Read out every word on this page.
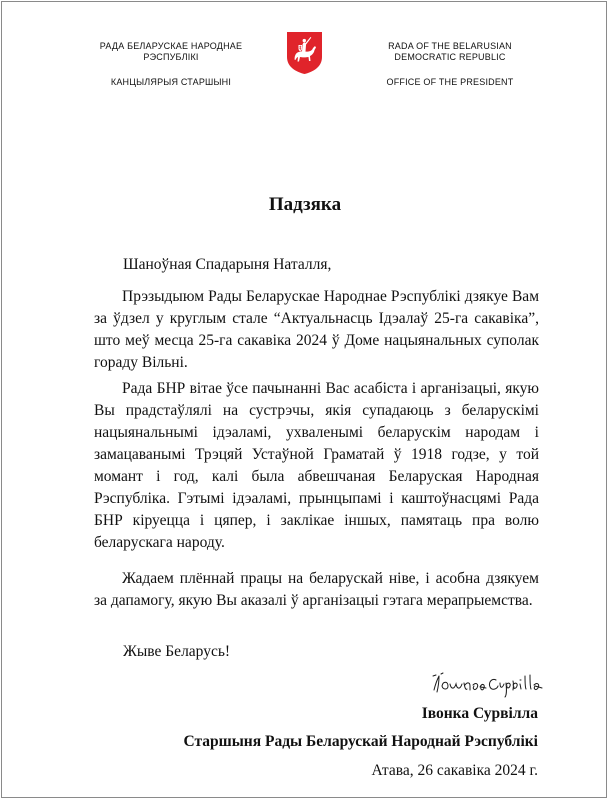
РАДА БЕЛАРУСКАЕ НАРОДНАЕ
РЭСПУБЛІКІ
КАНЦЫЛЯРЫЯ СТАРШЫНІ
RADA OF THE BELARUSIAN
DEMOCRATIC REPUBLIC
OFFICE OF THE PRESIDENT
Падзяка
Шаноўная Спадарыня Наталля,
Прэзыдыюм Рады Беларускае Народнае Рэспублікі дзякуе Вам за ўдзел у круглым стале “Актуальнасць Ідэалаў 25-га сакавіка”, што меў месца 25-га сакавіка 2024 ў Доме нацыянальных суполак гораду Вільні.
Рада БНР вітае ўсе пачынанні Вас асабіста і арганізацыі, якую Вы прадстаўлялі на сустрэчы, якія супадаюць з беларускімі нацыянальнымі ідэаламі, ухваленымі беларускім народам і замацаванымі Трэцяй Устаўной Граматай ў 1918 годзе, у той момант і год, калі была абвешчаная Беларуская Народная Рэспубліка. Гэтымі ідэаламі, прынцыпамі і каштоўнасцямі Рада БНР кіруецца і цяпер, і заклікае іншых, памятаць пра волю беларускага народу.
Жадаем плённай працы на беларускай ніве, і асобна дзякуем за дапамогу, якую Вы аказалі ў арганізацыі гэтага мерапрыемства.
Жыве Беларусь!
Івонка Сурвілла
Старшыня Рады Беларускай Народнай Рэспублікі
Атава, 26 сакавіка 2024 г.
